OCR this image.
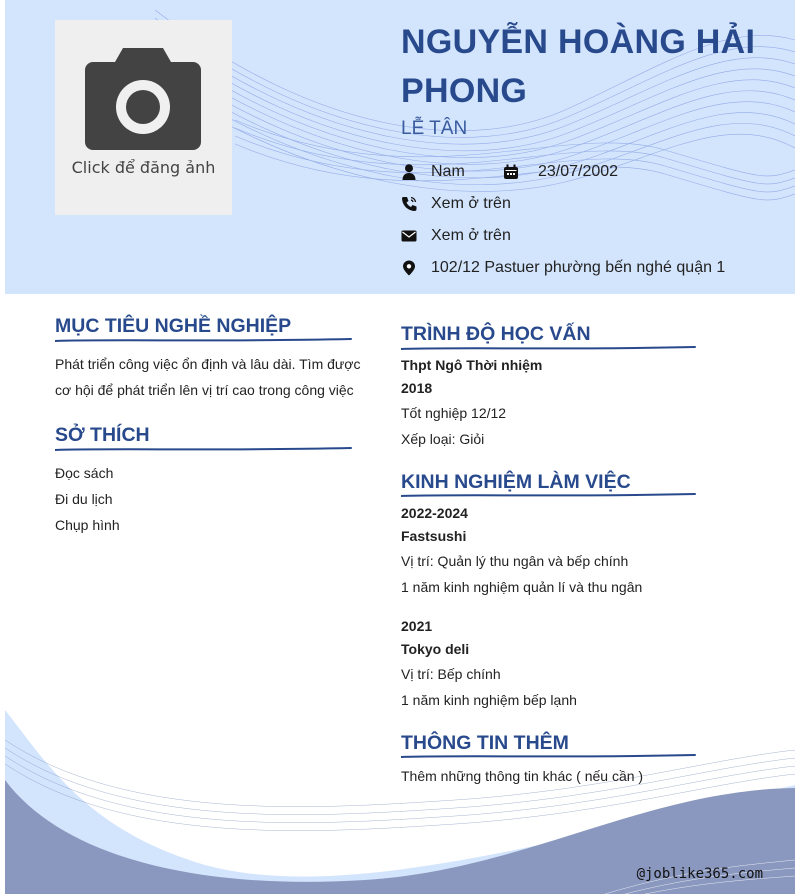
Click để đăng ảnh
NGUYỄN HOÀNG HẢI PHONG
LỄ TÂN
Nam	23/07/2002
Xem ở trên
Xem ở trên
102/12 Pastuer phường bến nghé quận 1
MỤC TIÊU NGHỀ NGHIỆP
Phát triển công việc ổn định và lâu dài. Tìm được
cơ hội để phát triển lên vị trí cao trong công việc
SỞ THÍCH
Đọc sách
Đi du lịch
Chụp hình
TRÌNH ĐỘ HỌC VẤN
Thpt Ngô Thời nhiệm
2018
Tốt nghiệp 12/12
Xếp loại: Giỏi
KINH NGHIỆM LÀM VIỆC
2022-2024
Fastsushi
Vị trí: Quản lý thu ngân và bếp chính
1 năm kinh nghiệm quản lí và thu ngân
2021
Tokyo deli
Vị trí: Bếp chính
1 năm kinh nghiệm bếp lạnh
THÔNG TIN THÊM
Thêm những thông tin khác ( nếu cần )
@joblike365.com
